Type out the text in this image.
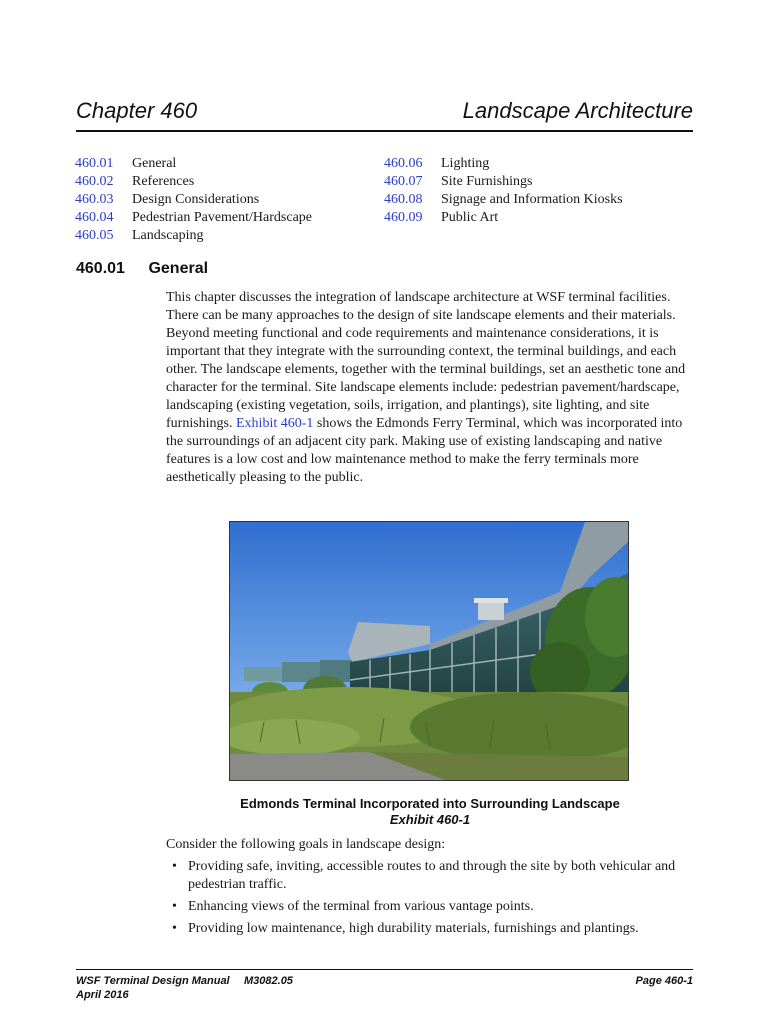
Chapter 460	Landscape Architecture
460.01	General
460.02	References
460.03	Design Considerations
460.04	Pedestrian Pavement/Hardscape
460.05	Landscaping
460.06	Lighting
460.07	Site Furnishings
460.08	Signage and Information Kiosks
460.09	Public Art
460.01 General

This chapter discusses the integration of landscape architecture at WSF terminal facilities. There can be many approaches to the design of site landscape elements and their materials. Beyond meeting functional and code requirements and maintenance considerations, it is important that they integrate with the surrounding context, the terminal buildings, and each other. The landscape elements, together with the terminal buildings, set an aesthetic tone and character for the terminal. Site landscape elements include: pedestrian pavement/hardscape, landscaping (existing vegetation, soils, irrigation, and plantings), site lighting, and site furnishings. Exhibit 460-1 shows the Edmonds Ferry Terminal, which was incorporated into the surroundings of an adjacent city park. Making use of existing landscaping and native features is a low cost and low maintenance method to make the ferry terminals more aesthetically pleasing to the public.

Edmonds Terminal Incorporated into Surrounding Landscape
Exhibit 460-1
Consider the following goals in landscape design:
• Providing safe, inviting, accessible routes to and through the site by both vehicular and pedestrian traffic.
• Enhancing views of the terminal from various vantage points.
• Providing low maintenance, high durability materials, furnishings and plantings.
WSF Terminal Design Manual M3082.05
April 2016
Page 460-1
